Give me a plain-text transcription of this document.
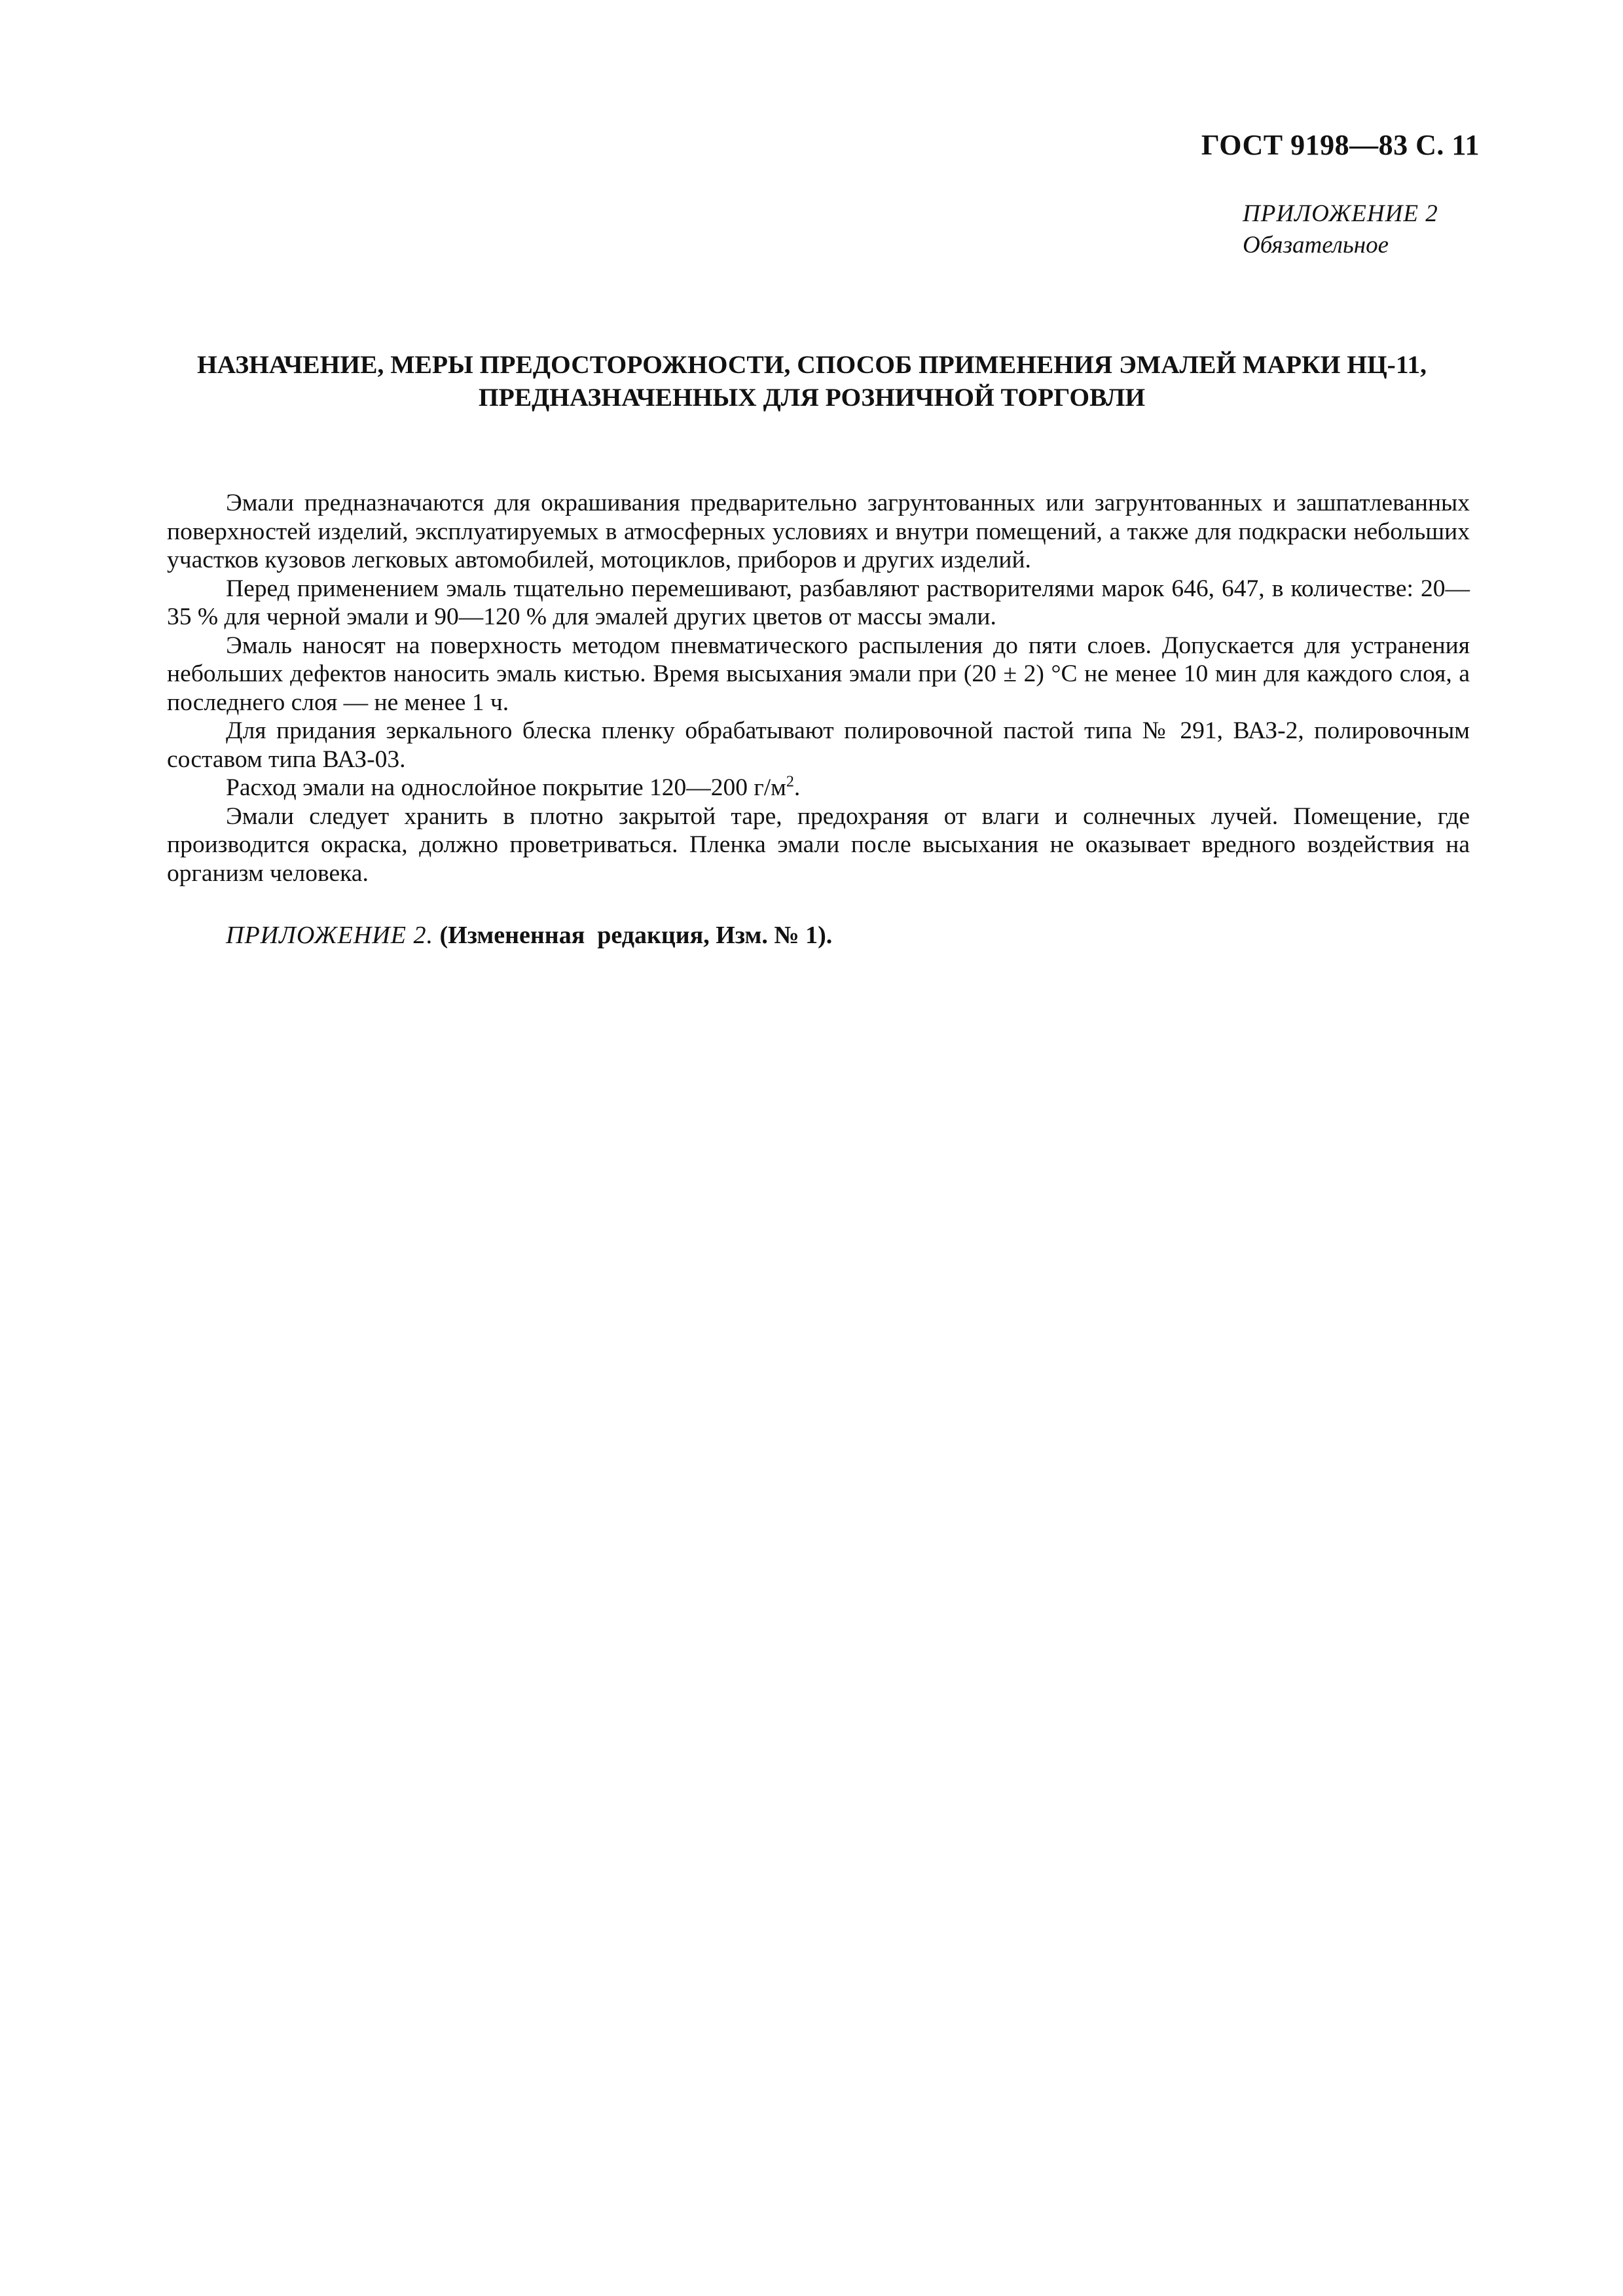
ГОСТ 9198—83 С. 11
ПРИЛОЖЕНИЕ 2
Обязательное
НАЗНАЧЕНИЕ, МЕРЫ ПРЕДОСТОРОЖНОСТИ, СПОСОБ ПРИМЕНЕНИЯ ЭМАЛЕЙ МАРКИ НЦ-11,
ПРЕДНАЗНАЧЕННЫХ ДЛЯ РОЗНИЧНОЙ ТОРГОВЛИ

Эмали предназначаются для окрашивания предварительно загрунтованных или загрунтованных и зашпатлеванных поверхностей изделий, эксплуатируемых в атмосферных условиях и внутри помещений, а также для подкраски небольших участков кузовов легковых автомобилей, мотоциклов, приборов и других изделий.

Перед применением эмаль тщательно перемешивают, разбавляют растворителями марок 646, 647, в количестве: 20—35 % для черной эмали и 90—120 % для эмалей других цветов от массы эмали.

Эмаль наносят на поверхность методом пневматического распыления до пяти слоев. Допускается для устранения небольших дефектов наносить эмаль кистью. Время высыхания эмали при (20 ± 2) °С не менее 10 мин для каждого слоя, а последнего слоя — не менее 1 ч.

Для придания зеркального блеска пленку обрабатывают полировочной пастой типа № 291, ВАЗ-2, полировочным составом типа ВАЗ-03.

Расход эмали на однослойное покрытие 120—200 $г/м^2$.

Эмали следует хранить в плотно закрытой таре, предохраняя от влаги и солнечных лучей. Помещение, где производится окраска, должно проветриваться. Пленка эмали после высыхания не оказывает вредного воздействия на организм человека.

ПРИЛОЖЕНИЕ 2. (Измененная  редакция, Изм. № 1).
